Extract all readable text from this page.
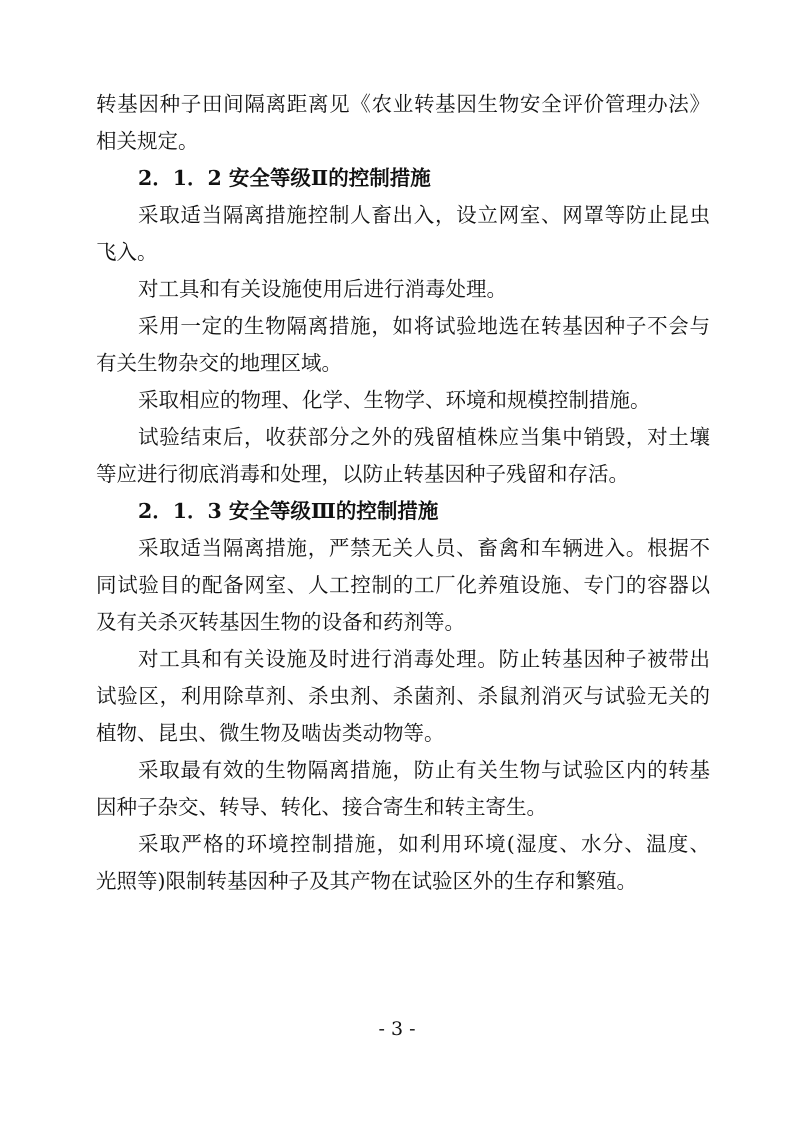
转基因种子田间隔离距离见《农业转基因生物安全评价管理办法》
相关规定。
2．1．2 安全等级Ⅱ的控制措施
采取适当隔离措施控制人畜出入，设立网室、网罩等防止昆虫
飞入。
对工具和有关设施使用后进行消毒处理。
采用一定的生物隔离措施，如将试验地选在转基因种子不会与
有关生物杂交的地理区域。
采取相应的物理、化学、生物学、环境和规模控制措施。
试验结束后，收获部分之外的残留植株应当集中销毁，对土壤
等应进行彻底消毒和处理，以防止转基因种子残留和存活。
2．1．3 安全等级Ⅲ的控制措施
采取适当隔离措施，严禁无关人员、畜禽和车辆进入。根据不
同试验目的配备网室、人工控制的工厂化养殖设施、专门的容器以
及有关杀灭转基因生物的设备和药剂等。
对工具和有关设施及时进行消毒处理。防止转基因种子被带出
试验区，利用除草剂、杀虫剂、杀菌剂、杀鼠剂消灭与试验无关的
植物、昆虫、微生物及啮齿类动物等。
采取最有效的生物隔离措施，防止有关生物与试验区内的转基
因种子杂交、转导、转化、接合寄生和转主寄生。
采取严格的环境控制措施，如利用环境(湿度、水分、温度、
光照等)限制转基因种子及其产物在试验区外的生存和繁殖。
- 3 -
